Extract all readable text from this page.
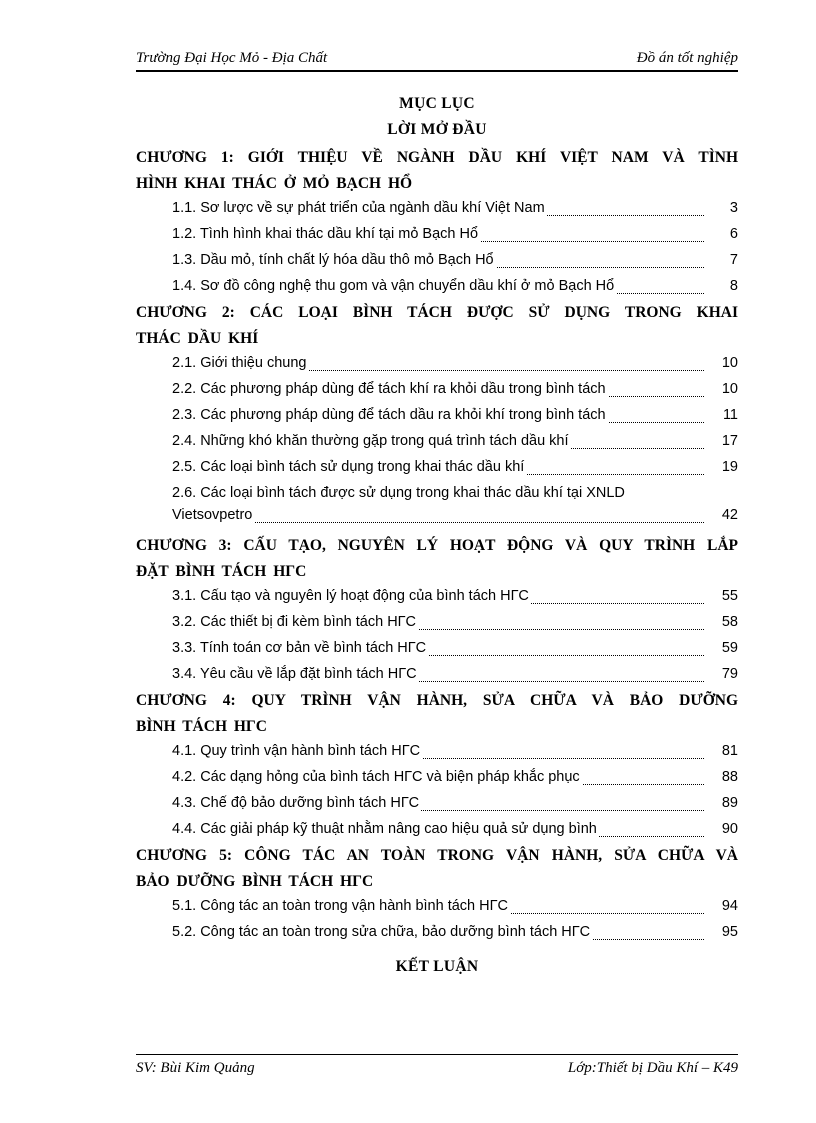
Trường Đại Học Mỏ - Địa Chất	Đồ án tốt nghiệp
MỤC LỤC
LỜI MỞ ĐẦU
CHƯƠNG 1: GIỚI THIỆU VỀ NGÀNH DẦU KHÍ VIỆT NAM VÀ TÌNH
HÌNH KHAI THÁC Ở MỎ BẠCH HỔ
1.1. Sơ lược về sự phát triển của ngành dầu khí Việt Nam	3
1.2. Tình hình khai thác dầu khí tại mỏ Bạch Hổ	6
1.3. Dầu mỏ, tính chất lý hóa dầu thô mỏ Bạch Hổ	7
1.4. Sơ đồ công nghệ thu gom và vận chuyển dầu khí ở mỏ Bạch Hổ	8
CHƯƠNG 2: CÁC LOẠI BÌNH TÁCH ĐƯỢC SỬ DỤNG TRONG KHAI
THÁC DẦU KHÍ
2.1. Giới thiệu chung	10
2.2. Các phương pháp dùng để tách khí ra khỏi dầu trong bình tách	10
2.3. Các phương pháp dùng để tách dầu ra khỏi khí trong bình tách	11
2.4. Những khó khăn thường gặp trong quá trình tách dầu khí	17
2.5. Các loại bình tách sử dụng trong khai thác dầu khí	19
2.6. Các loại bình tách được sử dụng trong khai thác dầu khí tại XNLD
Vietsovpetro	42
CHƯƠNG 3: CẤU TẠO, NGUYÊN LÝ HOẠT ĐỘNG VÀ QUY TRÌNH LẮP
ĐẶT BÌNH TÁCH HГC
3.1. Cấu tạo và nguyên lý hoạt động của bình tách HГC	55
3.2. Các thiết bị đi kèm bình tách HГC	58
3.3. Tính toán cơ bản về bình tách HГC	59
3.4. Yêu cầu về lắp đặt bình tách HГC	79
CHƯƠNG 4: QUY TRÌNH VẬN HÀNH, SỬA CHỮA VÀ BẢO DƯỠNG
BÌNH TÁCH HГC
4.1. Quy trình vận hành bình tách HГC	81
4.2. Các dạng hỏng của bình tách HГC và biện pháp khắc phục	88
4.3. Chế độ bảo dưỡng bình tách HГC	89
4.4. Các giải pháp kỹ thuật nhằm nâng cao hiệu quả sử dụng bình	90
CHƯƠNG 5: CÔNG TÁC AN TOÀN TRONG VẬN HÀNH, SỬA CHỮA VÀ
BẢO DƯỠNG BÌNH TÁCH HГC
5.1. Công tác an toàn trong vận hành bình tách HГC	94
5.2. Công tác an toàn trong sửa chữa, bảo dưỡng bình tách HГC	95
KẾT LUẬN
SV: Bùi Kim Quảng	Lớp:Thiết bị Dầu Khí – K49
